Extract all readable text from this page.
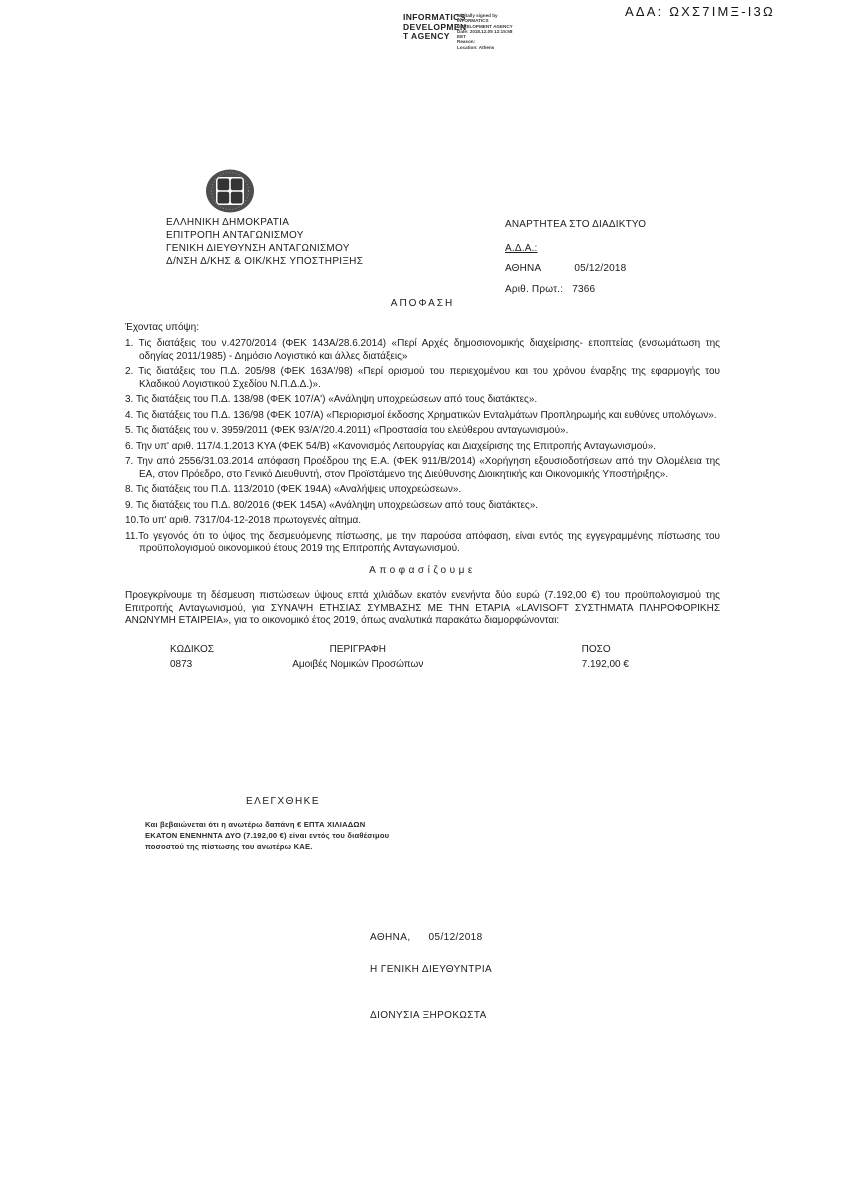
INFORMATICS
DEVELOPMEN
T AGENCY
Digitally signed by
INFORMATICS
DEVELOPMENT AGENCY
Date: 2018.12.05 12:15:58
EET
Reason:
Location: Athens
ΑΔΑ: ΩΧΣ7ΙΜΞ-Ι3Ω
ΕΛΛΗΝΙΚΗ ΔΗΜΟΚΡΑΤΙΑ
ΕΠΙΤΡΟΠΗ ΑΝΤΑΓΩΝΙΣΜΟΥ
ΓΕΝΙΚΗ ΔΙΕΥΘΥΝΣΗ ΑΝΤΑΓΩΝΙΣΜΟΥ
Δ/ΝΣΗ Δ/ΚΗΣ & ΟΙΚ/ΚΗΣ ΥΠΟΣΤΗΡΙΞΗΣ
ΑΝΑΡΤΗΤΕΑ ΣΤΟ ΔΙΑΔΙΚΤΥΟ
Α.Δ.Α.:
ΑΘΗΝΑ	05/12/2018
Αριθ. Πρωτ.: 7366
ΑΠΟΦΑΣΗ
Έχοντας υπόψη:
1. Τις διατάξεις του ν.4270/2014 (ΦΕΚ 143Α/28.6.2014) «Περί Αρχές δημοσιονομικής διαχείρισης- εποπτείας (ενσωμάτωση της οδηγίας 2011/1985) - Δημόσιο Λογιστικό και άλλες διατάξεις»
2. Τις διατάξεις του Π.Δ. 205/98 (ΦΕΚ 163Α'/98) «Περί ορισμού του περιεχομένου και του χρόνου έναρξης της εφαρμογής του Κλαδικού Λογιστικού Σχεδίου Ν.Π.Δ.Δ.)».
3. Τις διατάξεις του Π.Δ. 138/98 (ΦΕΚ 107/Α') «Ανάληψη υποχρεώσεων από τους διατάκτες».
4. Τις διατάξεις του Π.Δ. 136/98 (ΦΕΚ 107/Α) «Περιορισμοί έκδοσης Χρηματικών Ενταλμάτων Προπληρωμής και ευθύνες υπολόγων».
5. Τις διατάξεις του ν. 3959/2011 (ΦΕΚ 93/Α'/20.4.2011) «Προστασία του ελεύθερου ανταγωνισμού».
6. Την υπ' αριθ. 117/4.1.2013 ΚΥΑ (ΦΕΚ 54/Β) «Κανονισμός Λειτουργίας και Διαχείρισης της Επιτροπής Ανταγωνισμού».
7. Την από 2556/31.03.2014 απόφαση Προέδρου της Ε.Α. (ΦΕΚ 911/Β/2014) «Χορήγηση εξουσιοδοτήσεων από την Ολομέλεια της ΕΑ, στον Πρόεδρο, στο Γενικό Διευθυντή, στον Προϊστάμενο της Διεύθυνσης Διοικητικής και Οικονομικής Υποστήριξης».
8. Τις διατάξεις του Π.Δ. 113/2010 (ΦΕΚ 194Α) «Αναλήψεις υποχρεώσεων».
9. Τις διατάξεις του Π.Δ. 80/2016 (ΦΕΚ 145Α) «Ανάληψη υποχρεώσεων από τους διατάκτες».
10.Το υπ' αριθ. 7317/04-12-2018 πρωτογενές αίτημα.
11.Το γεγονός ότι το ύψος της δεσμευόμενης πίστωσης, με την παρούσα απόφαση, είναι εντός της εγγεγραμμένης πίστωσης του προϋπολογισμού οικονομικού έτους 2019 της Επιτροπής Ανταγωνισμού.
Αποφασίζουμε
Προεγκρίνουμε τη δέσμευση πιστώσεων ύψους επτά χιλιάδων εκατόν ενενήντα δύο ευρώ (7.192,00 €) του προϋπολογισμού της Επιτροπής Ανταγωνισμού, για ΣΥΝΑΨΗ ΕΤΗΣΙΑΣ ΣΥΜΒΑΣΗΣ ΜΕ ΤΗΝ ΕΤΑΡΙΑ «LAVISOFT ΣΥΣΤΗΜΑΤΑ ΠΛΗΡΟΦΟΡΙΚΗΣ ΑΝΩΝΥΜΗ ΕΤΑΙΡΕΙΑ», για το οικονομικό έτος 2019, όπως αναλυτικά παρακάτω διαμορφώνονται:
ΚΩΔΙΚΟΣ	ΠΕΡΙΓΡΑΦΗ	ΠΟΣΟ
0873	Αμοιβές Νομικών Προσώπων	7.192,00 €
ΕΛΕΓΧΘΗΚΕ
Και βεβαιώνεται ότι η ανωτέρω δαπάνη € ΕΠΤΑ ΧΙΛΙΑΔΩΝ ΕΚΑΤΟΝ ΕΝΕΝΗΝΤΑ ΔΥΟ (7.192,00 €) είναι εντός του διαθέσιμου ποσοστού της πίστωσης του ανωτέρω ΚΑΕ.
ΑΘΗΝΑ, 05/12/2018
Η ΓΕΝΙΚΗ ΔΙΕΥΘΥΝΤΡΙΑ
ΔΙΟΝΥΣΙΑ ΞΗΡΟΚΩΣΤΑ
